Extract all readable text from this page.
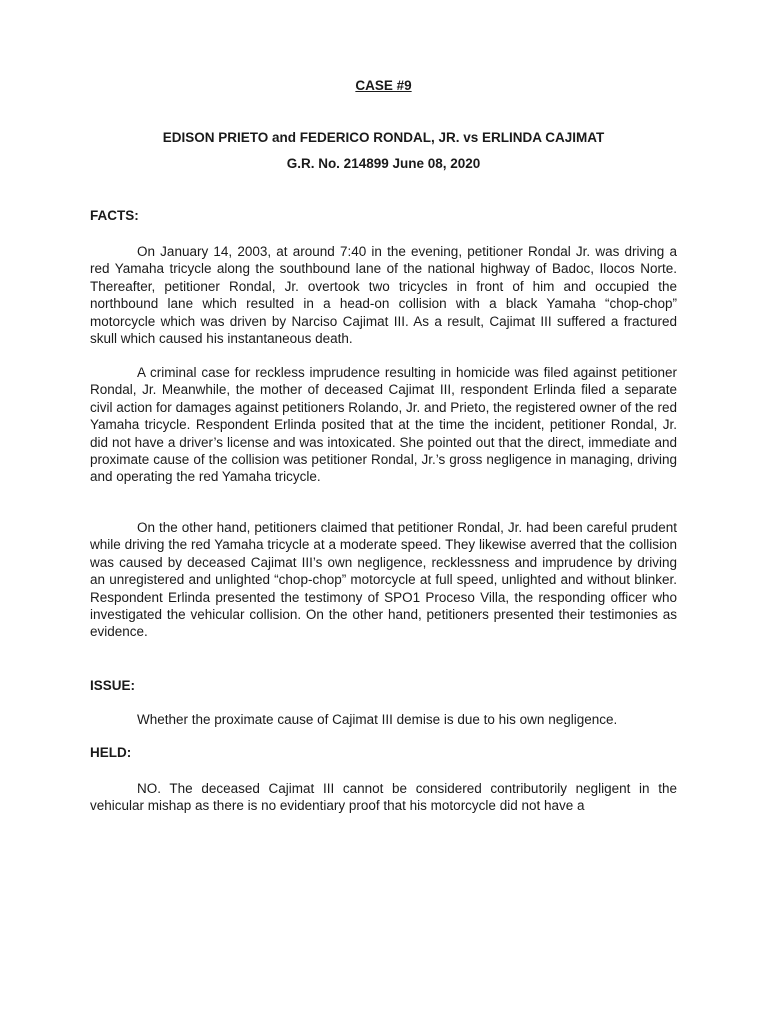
CASE #9
EDISON PRIETO and FEDERICO RONDAL, JR. vs ERLINDA CAJIMAT
G.R. No. 214899 June 08, 2020
FACTS:

On January 14, 2003, at around 7:40 in the evening, petitioner Rondal Jr. was driving a red Yamaha tricycle along the southbound lane of the national highway of Badoc, Ilocos Norte. Thereafter, petitioner Rondal, Jr. overtook two tricycles in front of him and occupied the northbound lane which resulted in a head-on collision with a black Yamaha “chop-chop” motorcycle which was driven by Narciso Cajimat III. As a result, Cajimat III suffered a fractured skull which caused his instantaneous death.

A criminal case for reckless imprudence resulting in homicide was filed against petitioner Rondal, Jr. Meanwhile, the mother of deceased Cajimat III, respondent Erlinda filed a separate civil action for damages against petitioners Rolando, Jr. and Prieto, the registered owner of the red Yamaha tricycle. Respondent Erlinda posited that at the time the incident, petitioner Rondal, Jr. did not have a driver’s license and was intoxicated. She pointed out that the direct, immediate and proximate cause of the collision was petitioner Rondal, Jr.’s gross negligence in managing, driving and operating the red Yamaha tricycle.

On the other hand, petitioners claimed that petitioner Rondal, Jr. had been careful prudent while driving the red Yamaha tricycle at a moderate speed. They likewise averred that the collision was caused by deceased Cajimat III’s own negligence, recklessness and imprudence by driving an unregistered and unlighted “chop-chop” motorcycle at full speed, unlighted and without blinker. Respondent Erlinda presented the testimony of SPO1 Proceso Villa, the responding officer who investigated the vehicular collision. On the other hand, petitioners presented their testimonies as evidence.

ISSUE:

Whether the proximate cause of Cajimat III demise is due to his own negligence.

HELD:

NO. The deceased Cajimat III cannot be considered contributorily negligent in the vehicular mishap as there is no evidentiary proof that his motorcycle did not have a
